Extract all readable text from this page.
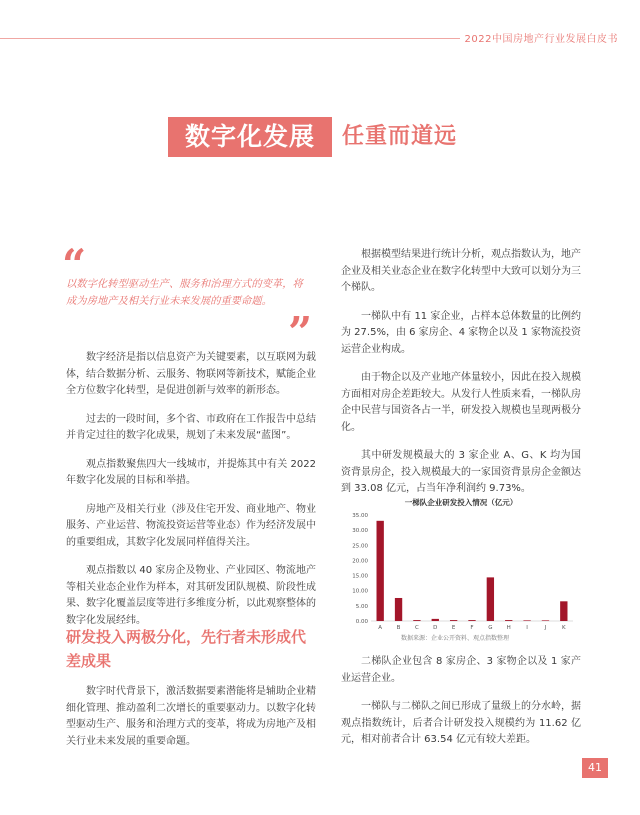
2022中国房地产行业发展白皮书
数字化发展	任重而道远
“
以数字化转型驱动生产、服务和治理方式的变革，将成为房地产及相关行业未来发展的重要命题。
”

数字经济是指以信息资产为关键要素，以互联网为载体，结合数据分析、云服务、物联网等新技术，赋能企业全方位数字化转型，是促进创新与效率的新形态。

过去的一段时间，多个省、市政府在工作报告中总结并肯定过往的数字化成果，规划了未来发展“蓝图”。

观点指数聚焦四大一线城市，并提炼其中有关 2022 年数字化发展的目标和举措。

房地产及相关行业（涉及住宅开发、商业地产、物业服务、产业运营、物流投资运营等业态）作为经济发展中的重要组成，其数字化发展同样值得关注。

观点指数以 40 家房企及物业、产业园区、物流地产等相关业态企业作为样本，对其研发团队规模、阶段性成果、数字化覆盖层度等进行多维度分析，以此观察整体的数字化发展经纬。

研发投入两极分化，先行者未形成代差成果

数字时代背景下，激活数据要素潜能将是辅助企业精细化管理、推动盈利二次增长的重要驱动力。以数字化转型驱动生产、服务和治理方式的变革，将成为房地产及相关行业未来发展的重要命题。

根据模型结果进行统计分析，观点指数认为，地产企业及相关业态企业在数字化转型中大致可以划分为三个梯队。

一梯队中有 11 家企业，占样本总体数量的比例约为 27.5%，由 6 家房企、4 家物企以及 1 家物流投资运营企业构成。

由于物企以及产业地产体量较小，因此在投入规模方面相对房企差距较大。从发行人性质来看，一梯队房企中民营与国资各占一半，研发投入规模也呈现两极分化。

其中研发规模最大的 3 家企业 A、G、K 均为国资背景房企，投入规模最大的一家国资背景房企金额达到 33.08 亿元，占当年净利润约 9.73%。

一梯队企业研发投入情况（亿元）
数据来源：企业公开资料、观点指数整理
0.00
5.00
10.00
15.00
20.00
25.00
30.00
35.00
A	B	C	D	E	F	G	H	I	J	K

二梯队企业包含 8 家房企、3 家物企以及 1 家产业运营企业。

一梯队与二梯队之间已形成了量级上的分水岭，据观点指数统计，后者合计研发投入规模约为 11.62 亿元，相对前者合计 63.54 亿元有较大差距。

41
